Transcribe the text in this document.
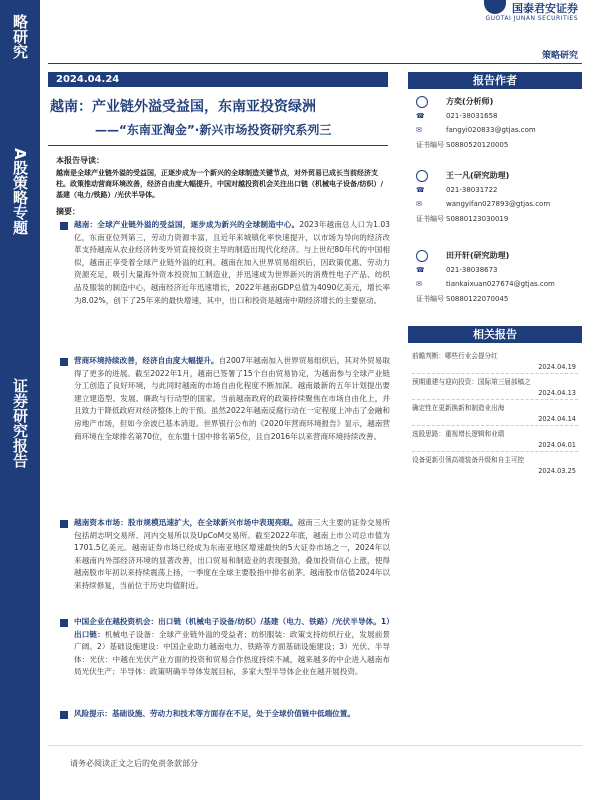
略研究
A股策略专题
证券研究报告
国泰君安证券
GUOTAI JUNAN SECURITIES
策略研究
2024.04.24
越南：产业链外溢受益国，东南亚投资绿洲
——“东南亚淘金”·新兴市场投资研究系列三
本报告导读：
越南是全球产业链外溢的受益国，正逐步成为一个新兴的全球制造关键节点，对外贸易已成长当前经济支柱。政策推动营商环境改善，经济自由度大幅提升，中国对越投资机会关注出口链（机械电子设备/纺织）/基建（电力/铁路）/光伏半导体。
摘要：
越南：全球产业链外溢的受益国，逐步成为新兴的全球制造中心。2023年越南总人口为1.03亿，东南亚位列第三，劳动力资源丰富，且近年来城镇化率快速提升，以市场为导向的经济改革支持越南从农业经济转变外贸直接投资主导的制造出现代化经济。与上世纪80年代的中国相似，越南正享受着全球产业链外溢的红利。越南在加入世界贸易组织后，因政策优惠、劳动力资源充足，吸引大量海外资本投资加工制造业，并迅速成为世界新兴的消费性电子产品、纺织品及服装的制造中心，越南经济近年迅速增长，2022年越南GDP总值为4090亿美元，增长率为8.02%，创下了25年来的最快增速，其中，出口和投资是越南中期经济增长的主要驱动。
营商环境持续改善，经济自由度大幅提升。自2007年越南加入世界贸易组织后，其对外贸易取得了更多的进展。截至2022年1月，越南已签署了15个自由贸易协定，为越南参与全球产业链分工创造了良好环境，与此同时越南的市场自由化程度不断加深。越南最新的五年计划提出要建立建造型、发展、廉政与行动型的国家。当前越南政府的政策持续聚焦在市场自由化上，并且致力于降低政府对经济整体上的干预。虽然2022年越南反腐行动在一定程度上冲击了金融和房地产市场，但如今余波已基本消退。世界银行公布的《2020年营商环境报告》显示，越南营商环境在全球排名第70位，在东盟十国中排名第5位，且自2016年以来营商环境持续改善。
越南资本市场：股市规模迅速扩大，在全球新兴市场中表现亮眼。越南三大主要的证券交易所包括胡志明交易所、河内交易所以及UpCoM交易所。截至2022年底，越南上市公司总市值为1701.5亿美元。越南证券市场已经成为东南亚地区增速最快的5大证券市场之一，2024年以来越南内外部经济环境的显著改善，出口贸易和制造业的表现强劲，叠加投资信心上涨，使得越南股市年初以来持续震荡上扬，一季度在全球主要股指中排名前茅。越南股市估值2024年以来持续修复，当前位于历史均值附近。
中国企业在越投资机会：出口链（机械电子设备/纺织）/基建（电力、铁路）/光伏半导体。1）出口链：机械电子设备：全球产业链外溢的受益者；纺织服装：政策支持纺织行业，发展前景广阔。2）基础设施建设：中国企业助力越南电力、铁路等方面基础设施建设；3）光伏、半导体：光伏：中越在光伏产业方面的投资和贸易合作热度持续不减，越来越多的中企进入越南布局光伏生产；半导体：政策明确半导体发展目标，多家大型半导体企业在越开展投资。
风险提示：基础设施、劳动力和技术等方面存在不足，处于全球价值链中低端位置。
请务必阅读正文之后的免责条款部分
报告作者
方奕(分析师)
☎	021-38031658
✉	fangyi020833@gtjas.com
证书编号 S0880520120005
王一凡(研究助理)
☎	021-38031722
✉	wangyifan027893@gtjas.com
证书编号 S0880123030019
田开轩(研究助理)
☎	021-38038673
✉	tiankaixuan027674@gtjas.com
证书编号 S0880122070045
相关报告
前瞻判断：哪些行业会提分红
2024.04.19
预期重建与迎向投资：国际第三届部稿之
2024.04.13
确定性在更新换新和制造业出海
2024.04.14
选股思路：重视增长逻辑和业绩
2024.04.01
设备更新引领高端装备升级和自主可控
2024.03.25
